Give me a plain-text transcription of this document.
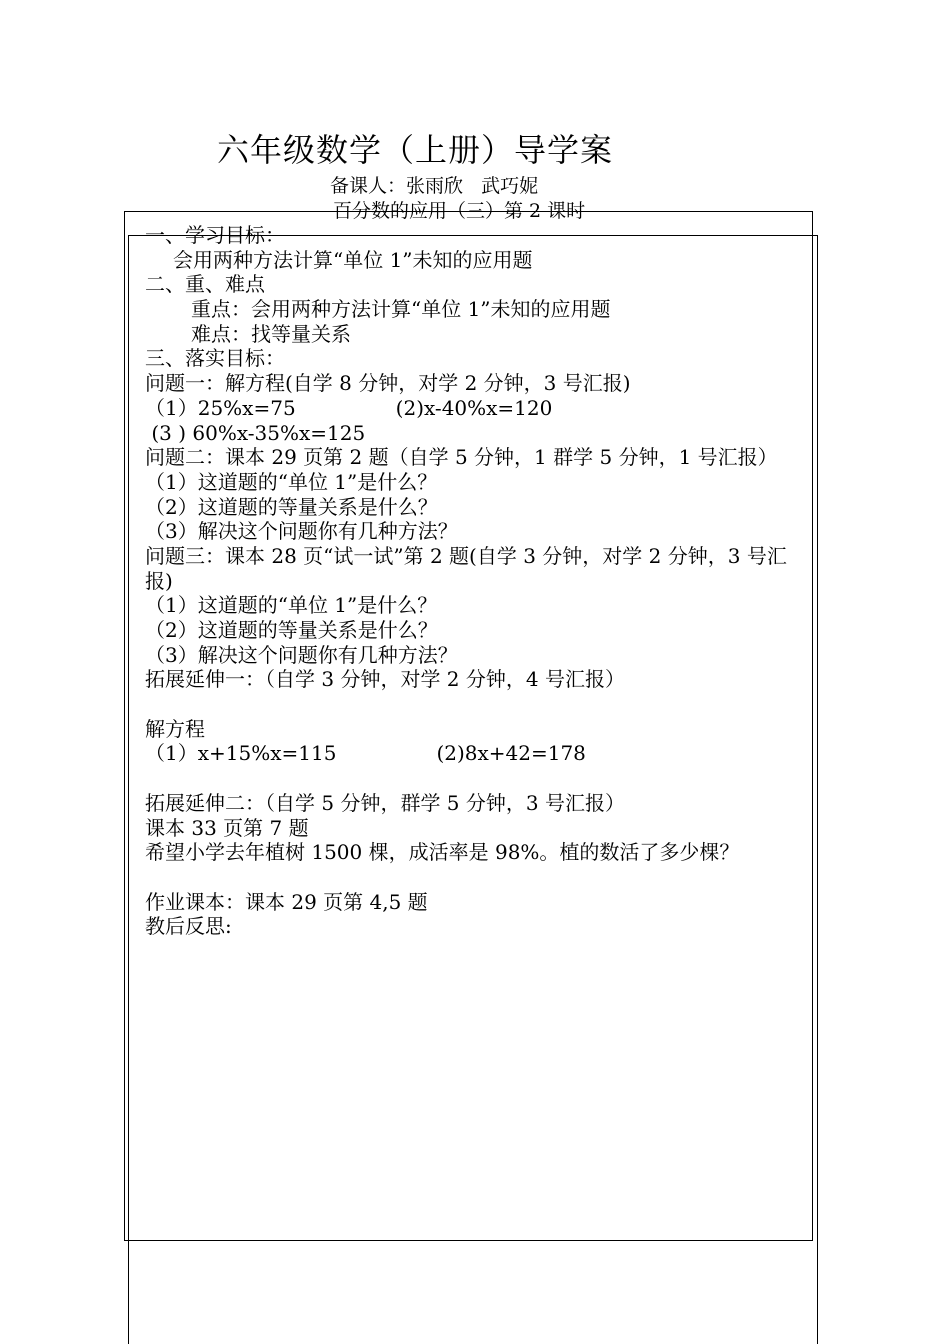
六年级数学（上册）导学案
备课人：张雨欣   武巧妮
百分数的应用（三）第 2 课时
一、学习目标：
会用两种方法计算“单位 1”未知的应用题
二、重、难点
重点：会用两种方法计算“单位 1”未知的应用题
难点：找等量关系
三、落实目标：
问题一：解方程(自学 8 分钟，对学 2 分钟，3 号汇报)
（1）25%x=75	(2)x-40%x=120
(3 ) 60%x-35%x=125
问题二：课本 29 页第 2 题（自学 5 分钟，1 群学 5 分钟，1 号汇报）
（1）这道题的“单位 1”是什么？
（2）这道题的等量关系是什么？
（3）解决这个问题你有几种方法？
问题三：课本 28 页“试一试”第 2 题(自学 3 分钟，对学 2 分钟，3 号汇报)
（1）这道题的“单位 1”是什么？
（2）这道题的等量关系是什么？
（3）解决这个问题你有几种方法？
拓展延伸一：（自学 3 分钟，对学 2 分钟，4 号汇报）
解方程
（1）x+15%x=115	(2)8x+42=178
拓展延伸二：（自学 5 分钟，群学 5 分钟，3 号汇报）
课本 33 页第 7 题
希望小学去年植树 1500 棵，成活率是 98%。植的数活了多少棵？
作业课本：课本 29 页第 4,5 题
教后反思:
